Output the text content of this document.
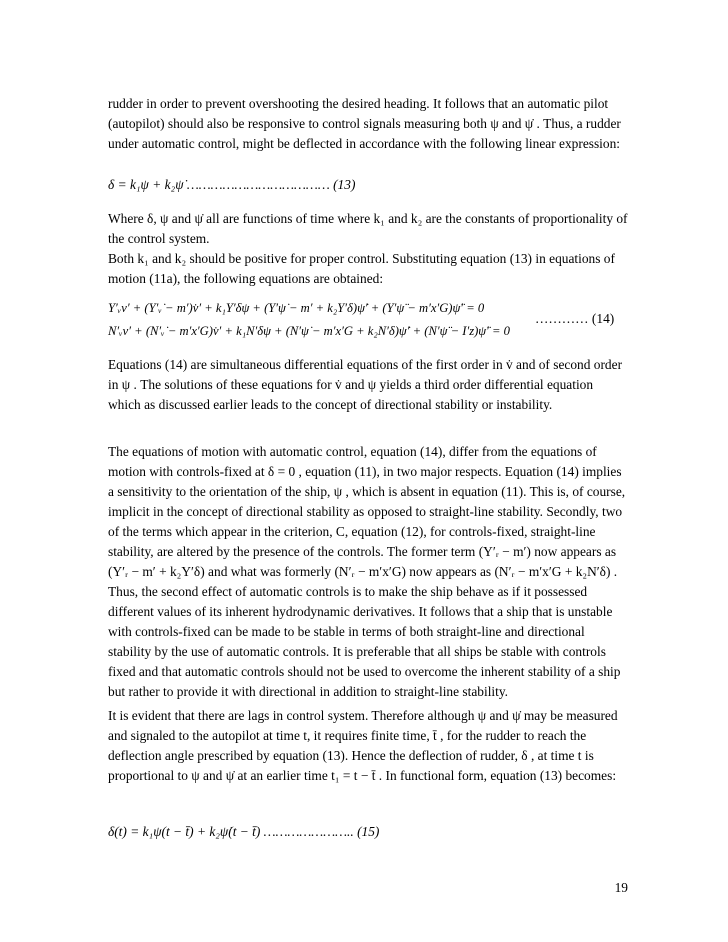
rudder in order to prevent overshooting the desired heading. It follows that an automatic pilot (autopilot) should also be responsive to control signals measuring both ψ and ψ̇ . Thus, a rudder under automatic control, might be deflected in accordance with the following linear expression:

δ = k₁ψ + k₂ψ̇ ……………………………… (13)

Where δ, ψ and ψ̇ all are functions of time where k₁ and k₂ are the constants of proportionality of the control system.

Both k₁ and k₂ should be positive for proper control. Substituting equation (13) in equations of motion (11a), the following equations are obtained:

Y′ᵥv′ + (Y′ᵥ̇ − m′)v̇′ + k₁Y′δψ + (Y′ψ̇ − m′ + k₂Y′δ)ψ̇′ + (Y′ψ̈ − m′x′G)ψ̈′ = 0

N′ᵥv′ + (N′ᵥ̇ − m′x′G)v̇′ + k₁N′δψ + (N′ψ̇ − m′x′G + k₂N′δ)ψ̇′ + (N′ψ̈ − I′z)ψ̈′ = 0

………… (14)

Equations (14) are simultaneous differential equations of the first order in v̇ and of second order in ψ . The solutions of these equations for v̇ and ψ yields a third order differential equation which as discussed earlier leads to the concept of directional stability or instability.

The equations of motion with automatic control, equation (14), differ from the equations of motion with controls-fixed at δ = 0 , equation (11), in two major respects. Equation (14) implies a sensitivity to the orientation of the ship, ψ , which is absent in equation (11). This is, of course, implicit in the concept of directional stability as opposed to straight-line stability. Secondly, two of the terms which appear in the criterion, C, equation (12), for controls-fixed, straight-line stability, are altered by the presence of the controls. The former term (Y′ᵣ − m′) now appears as (Y′ᵣ − m′ + k₂Y′δ) and what was formerly (N′ᵣ − m′x′G) now appears as (N′ᵣ − m′x′G + k₂N′δ) . Thus, the second effect of automatic controls is to make the ship behave as if it possessed different values of its inherent hydrodynamic derivatives. It follows that a ship that is unstable with controls-fixed can be made to be stable in terms of both straight-line and directional stability by the use of automatic controls. It is preferable that all ships be stable with controls fixed and that automatic controls should not be used to overcome the inherent stability of a ship but rather to provide it with directional in addition to straight-line stability.

It is evident that there are lags in control system. Therefore although ψ and ψ̇ may be measured and signaled to the autopilot at time t, it requires finite time, t̄ , for the rudder to reach the deflection angle prescribed by equation (13). Hence the deflection of rudder, δ , at time t is proportional to ψ and ψ̇ at an earlier time t₁ = t − t̄ . In functional form, equation (13) becomes:

δ(t) = k₁ψ(t − t̄) + k₂ψ̇(t − t̄) ………………….. (15)

19
